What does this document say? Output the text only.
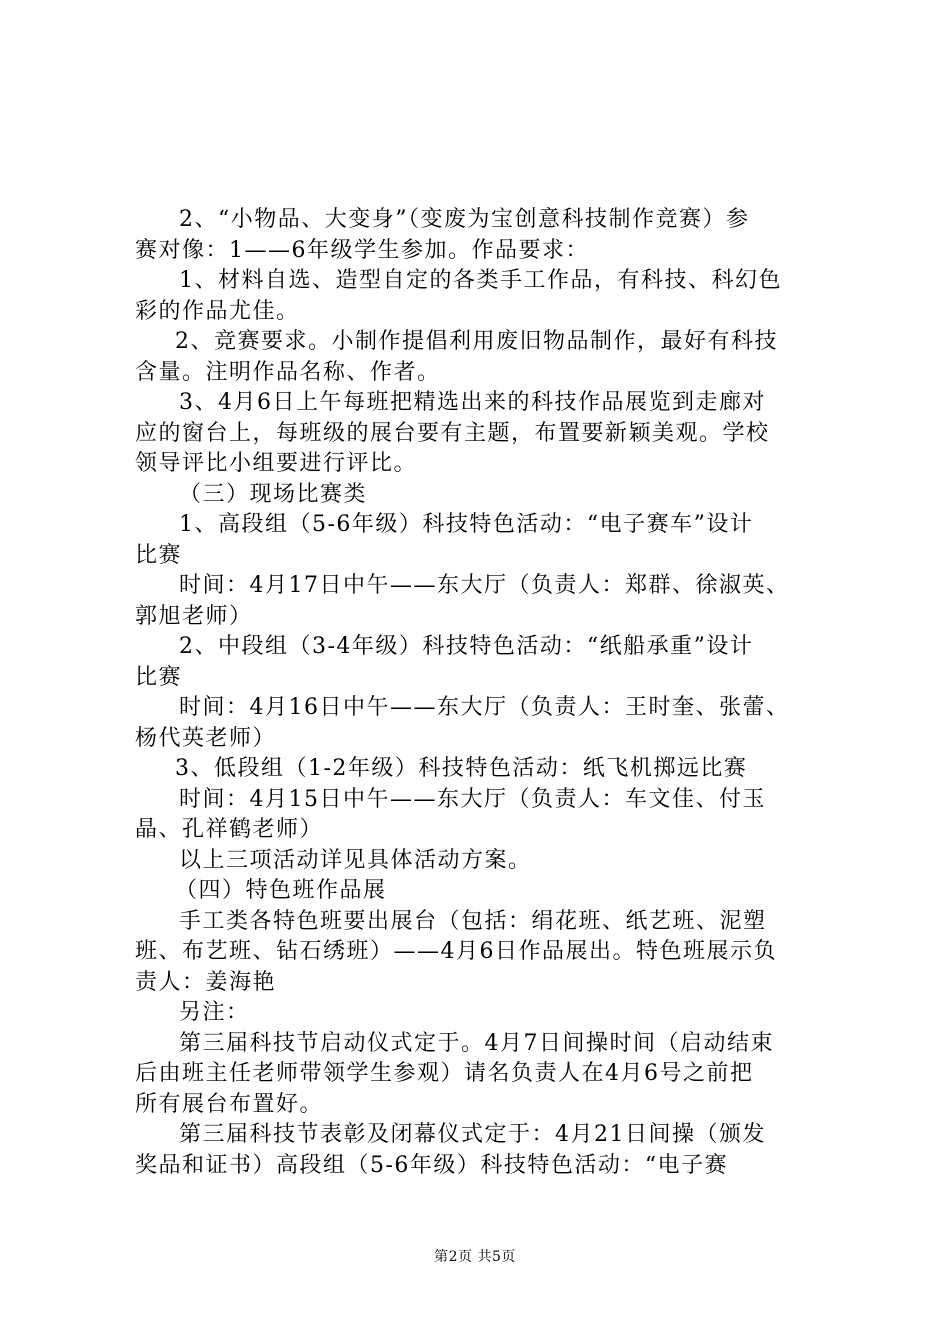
2、“小物品、大变身”（变废为宝创意科技制作竞赛）参
赛对像：1——6年级学生参加。作品要求：
1、材料自选、造型自定的各类手工作品，有科技、科幻色
彩的作品尤佳。
2、竞赛要求。小制作提倡利用废旧物品制作，最好有科技
含量。注明作品名称、作者。
3、4月6日上午每班把精选出来的科技作品展览到走廊对
应的窗台上，每班级的展台要有主题，布置要新颖美观。学校
领导评比小组要进行评比。
（三）现场比赛类
1、高段组（5-6年级）科技特色活动：“电子赛车”设计
比赛
时间：4月17日中午——东大厅（负责人：郑群、徐淑英、
郭旭老师）
2、中段组（3-4年级）科技特色活动：“纸船承重”设计
比赛
时间：4月16日中午——东大厅（负责人：王时奎、张蕾、
杨代英老师）
3、低段组（1-2年级）科技特色活动：纸飞机掷远比赛
时间：4月15日中午——东大厅（负责人：车文佳、付玉
晶、孔祥鹤老师）
以上三项活动详见具体活动方案。
（四）特色班作品展
手工类各特色班要出展台（包括：绢花班、纸艺班、泥塑
班、布艺班、钻石绣班）——4月6日作品展出。特色班展示负
责人：姜海艳
另注：
第三届科技节启动仪式定于。4月7日间操时间（启动结束
后由班主任老师带领学生参观）请名负责人在4月6号之前把
所有展台布置好。
第三届科技节表彰及闭幕仪式定于：4月21日间操（颁发
奖品和证书）高段组（5-6年级）科技特色活动：“电子赛
第2页 共5页
